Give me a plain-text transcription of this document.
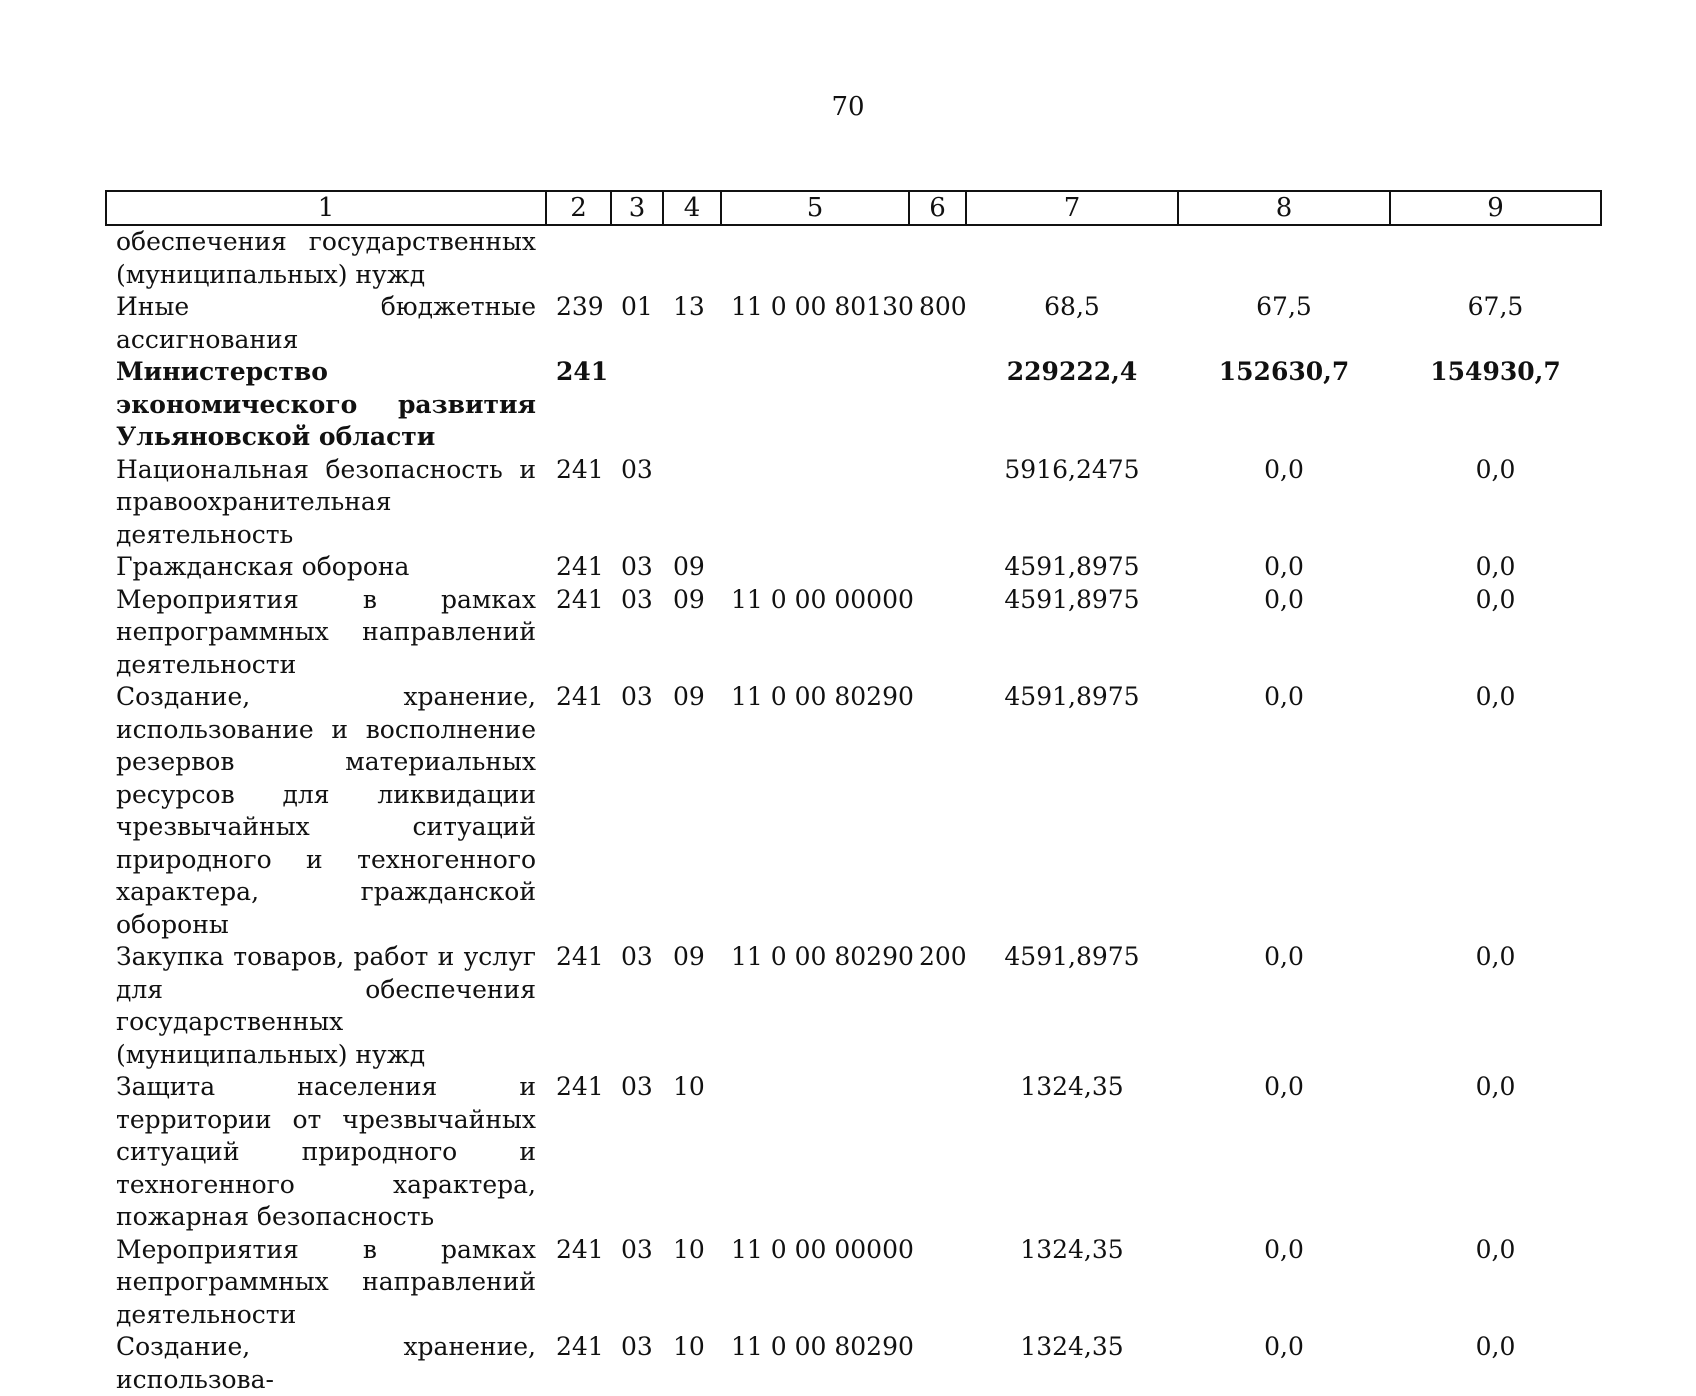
70
1	2	3	4	5	6	7	8	9
обеспечения государственных (муниципальных) нужд								
Иные бюджетные ассигнования	239	01	13	11 0 00 80130	800	68,5	67,5	67,5
Министерство экономического развития Ульяновской области	241					229222,4	152630,7	154930,7
Национальная безопасность и правоохранительная деятельность	241	03				5916,2475	0,0	0,0
Гражданская оборона	241	03	09			4591,8975	0,0	0,0
Мероприятия в рамках непрограммных направлений деятельности	241	03	09	11 0 00 00000		4591,8975	0,0	0,0
Создание, хранение, использование и восполнение резервов материальных ресурсов для ликвидации чрезвычайных ситуаций природного и техногенного характера, гражданской обороны	241	03	09	11 0 00 80290		4591,8975	0,0	0,0
Закупка товаров, работ и услуг для обеспечения государственных (муниципальных) нужд	241	03	09	11 0 00 80290	200	4591,8975	0,0	0,0
Защита населения и территории от чрезвычайных ситуаций природного и техногенного характера, пожарная безопасность	241	03	10			1324,35	0,0	0,0
Мероприятия в рамках непрограммных направлений деятельности	241	03	10	11 0 00 00000		1324,35	0,0	0,0
Создание, хранение, использова-	241	03	10	11 0 00 80290		1324,35	0,0	0,0
